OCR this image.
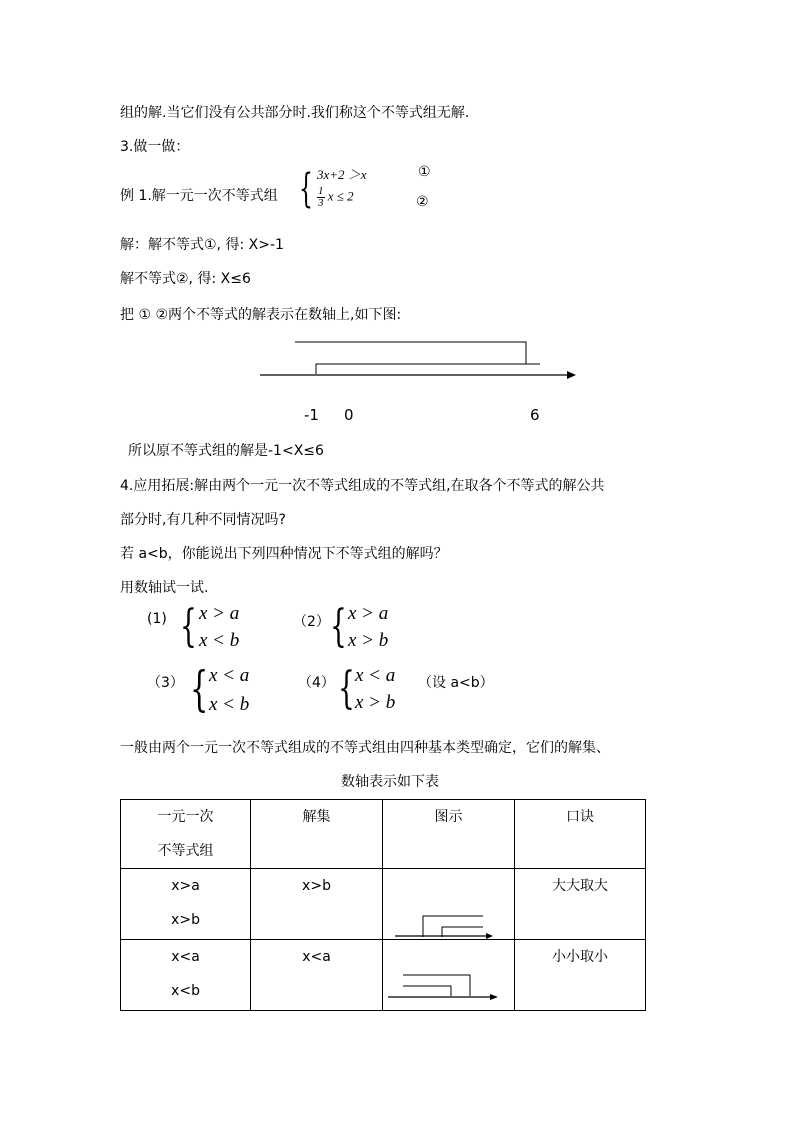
组的解.当它们没有公共部分时.我们称这个不等式组无解.
3.做一做：
例 1.解一元一次不等式组 { 3x+2 ＞x
$\frac{1}{3}$ x ≤ 2
①
②
解：解不等式①, 得: X>-1
解不等式②, 得: X≤6
把 ① ②两个不等式的解表示在数轴上,如下图:
-1 0	6
所以原不等式组的解是-1<X≤6
4.应用拓展:解由两个一元一次不等式组成的不等式组,在取各个不等式的解公共
部分时,有几种不同情况吗?
若 a<b，你能说出下列四种情况下不等式组的解吗？
用数轴试一试.
(1) { x > a
x < b
（2） { x > a
x > b
（3） { x < a
x < b
（4） { x < a
x > b
（设 a<b）
一般由两个一元一次不等式组成的不等式组由四种基本类型确定，它们的解集、
数轴表示如下表
一元一次
不等式组	解集	图示	口诀

x>a
x>b	x>b		大大取大

x<a
x<b	x<a		小小取小
